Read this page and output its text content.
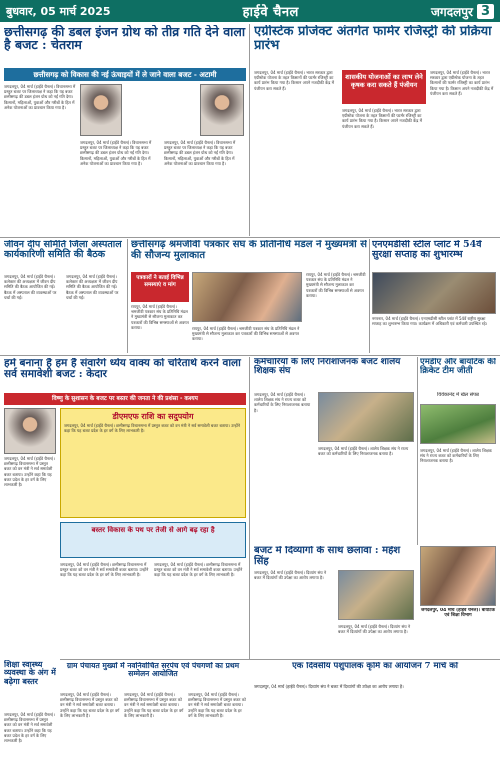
बुधवार, 05 मार्च 2025	हाईवे चैनल	जगदलपुर 3
छत्तीसगढ़ की डबल इंजन ग्रोथ को तीव्र गति देने वाला है बजट : चेतराम
छत्तीसगढ़ को विकास की नई ऊंचाइयों में ले जाने वाला बजट - अटामी
जगदलपुर, 04 मार्च (हाईवे चैनल)। विधानसभा में प्रस्तुत बजट पर जिलाध्यक्ष ने कहा कि यह बजट छत्तीसगढ़ की डबल इंजन ग्रोथ को नई गति देगा। किसानों, महिलाओं, युवाओं और गरीबों के हित में अनेक योजनाओं का प्रावधान किया गया है।
जगदलपुर, 04 मार्च (हाईवे चैनल)। विधानसभा में प्रस्तुत बजट पर जिलाध्यक्ष ने कहा कि यह बजट छत्तीसगढ़ की डबल इंजन ग्रोथ को नई गति देगा। किसानों, महिलाओं, युवाओं और गरीबों के हित में अनेक योजनाओं का प्रावधान किया गया है।
जगदलपुर, 04 मार्च (हाईवे चैनल)। विधानसभा में प्रस्तुत बजट पर जिलाध्यक्ष ने कहा कि यह बजट छत्तीसगढ़ की डबल इंजन ग्रोथ को नई गति देगा। किसानों, महिलाओं, युवाओं और गरीबों के हित में अनेक योजनाओं का प्रावधान किया गया है।
एग्रीस्टेक प्रोजेक्ट अंतर्गत फार्मर रजिस्ट्री की प्रक्रिया प्रारंभ
जगदलपुर, 04 मार्च (हाईवे चैनल)। भारत सरकार द्वारा एग्रीस्टेक योजना के तहत किसानों की फार्मर रजिस्ट्री का कार्य प्रारंभ किया गया है। किसान अपने नजदीकी केंद्र में पंजीयन करा सकते हैं।
शासकीय योजनाओं का लाभ लेने कृषक करा सकते हैं पंजीयन
जगदलपुर, 04 मार्च (हाईवे चैनल)। भारत सरकार द्वारा एग्रीस्टेक योजना के तहत किसानों की फार्मर रजिस्ट्री का कार्य प्रारंभ किया गया है। किसान अपने नजदीकी केंद्र में पंजीयन करा सकते हैं।
जगदलपुर, 04 मार्च (हाईवे चैनल)। भारत सरकार द्वारा एग्रीस्टेक योजना के तहत किसानों की फार्मर रजिस्ट्री का कार्य प्रारंभ किया गया है। किसान अपने नजदीकी केंद्र में पंजीयन करा सकते हैं।
जीवन दीप समिति जिला अस्पताल कार्यकारिणी समिति की बैठक
जगदलपुर, 04 मार्च (हाईवे चैनल)। कलेक्टर की अध्यक्षता में जीवन दीप समिति की बैठक आयोजित की गई। बैठक में अस्पताल की व्यवस्थाओं पर चर्चा की गई।
जगदलपुर, 04 मार्च (हाईवे चैनल)। कलेक्टर की अध्यक्षता में जीवन दीप समिति की बैठक आयोजित की गई। बैठक में अस्पताल की व्यवस्थाओं पर चर्चा की गई।
छत्तीसगढ़ श्रमजीवी पत्रकार संघ के प्रतिनिधि मंडल ने मुख्यमंत्री से की सौजन्य मुलाकात
पत्रकारों ने बताई विभिन्न समस्याएं व मांग
रायपुर, 04 मार्च (हाईवे चैनल)। श्रमजीवी पत्रकार संघ के प्रतिनिधि मंडल ने मुख्यमंत्री से सौजन्य मुलाकात कर पत्रकारों की विभिन्न समस्याओं से अवगत कराया।	रायपुर, 04 मार्च (हाईवे चैनल)। श्रमजीवी पत्रकार संघ के प्रतिनिधि मंडल ने मुख्यमंत्री से सौजन्य मुलाकात कर पत्रकारों की विभिन्न समस्याओं से अवगत कराया।
रायपुर, 04 मार्च (हाईवे चैनल)। श्रमजीवी पत्रकार संघ के प्रतिनिधि मंडल ने मुख्यमंत्री से सौजन्य मुलाकात कर पत्रकारों की विभिन्न समस्याओं से अवगत कराया।
एनएमडीसी स्टील प्लांट में 54वें सुरक्षा सप्ताह का शुभारम्भ
नगरनार, 04 मार्च (हाईवे चैनल)। एनएमडीसी स्टील प्लांट में 54वें राष्ट्रीय सुरक्षा सप्ताह का शुभारम्भ किया गया। कार्यक्रम में अधिकारी एवं कर्मचारी उपस्थित रहे।
हमें बनाना है हम हैं संवारेंगे ध्येय वाक्य को चरितार्थ करने वाला सर्व समावेशी बजट : केदार
विष्णु के सुशासन के बजट पर बस्तर की जनता ने की प्रशंसा - कश्यप
जगदलपुर, 04 मार्च (हाईवे चैनल)। छत्तीसगढ़ विधानसभा में प्रस्तुत बजट को वन मंत्री ने सर्व समावेशी बजट बताया। उन्होंने कहा कि यह बजट प्रदेश के हर वर्ग के लिए लाभकारी है।
डीएमएफ राशि का सदुपयोग
जगदलपुर, 04 मार्च (हाईवे चैनल)। छत्तीसगढ़ विधानसभा में प्रस्तुत बजट को वन मंत्री ने सर्व समावेशी बजट बताया। उन्होंने कहा कि यह बजट प्रदेश के हर वर्ग के लिए लाभकारी है।
बस्तर विकास के पथ पर तेजी से आगे बढ़ रहा है
जगदलपुर, 04 मार्च (हाईवे चैनल)। छत्तीसगढ़ विधानसभा में प्रस्तुत बजट को वन मंत्री ने सर्व समावेशी बजट बताया। उन्होंने कहा कि यह बजट प्रदेश के हर वर्ग के लिए लाभकारी है।
जगदलपुर, 04 मार्च (हाईवे चैनल)। छत्तीसगढ़ विधानसभा में प्रस्तुत बजट को वन मंत्री ने सर्व समावेशी बजट बताया। उन्होंने कहा कि यह बजट प्रदेश के हर वर्ग के लिए लाभकारी है।
शिक्षा स्वास्थ्य व्यवस्था के अंग में बढ़ेगा बस्तर
जगदलपुर, 04 मार्च (हाईवे चैनल)। छत्तीसगढ़ विधानसभा में प्रस्तुत बजट को वन मंत्री ने सर्व समावेशी बजट बताया। उन्होंने कहा कि यह बजट प्रदेश के हर वर्ग के लिए लाभकारी है।
कर्मचारियों के लिए निराशाजनक बजट शालेय शिक्षक संघ
जगदलपुर, 04 मार्च (हाईवे चैनल)। शालेय शिक्षक संघ ने राज्य बजट को कर्मचारियों के लिए निराशाजनक बताया है।
जगदलपुर, 04 मार्च (हाईवे चैनल)। शालेय शिक्षक संघ ने राज्य बजट को कर्मचारियों के लिए निराशाजनक बताया है।
एमडीए और बायोटेक की क्रिकेट टीम जीती
विवेकानंद में खेल संपन्न
जगदलपुर, 04 मार्च (हाईवे चैनल)। शालेय शिक्षक संघ ने राज्य बजट को कर्मचारियों के लिए निराशाजनक बताया है।
बजट में दिव्यांगों के साथ छलावा : महेश सिंह
जगदलपुर, 04 मार्च (हाईवे चैनल)। दिव्यांग संघ ने बजट में दिव्यांगों की उपेक्षा का आरोप लगाया है।
जगदलपुर, 04 मार्च (हाईवे चैनल)। दिव्यांग संघ ने बजट में दिव्यांगों की उपेक्षा का आरोप लगाया है।
जगदलपुर, 04 मार्च (हाईवे चैनल)। बायोटेक एवं शिक्षा विभाग
ग्राम पंचायत मुख्यों में नवनिर्वाचित सरपंच एवं पंचगणों का प्रथम सम्मेलन आयोजित
जगदलपुर, 04 मार्च (हाईवे चैनल)। छत्तीसगढ़ विधानसभा में प्रस्तुत बजट को वन मंत्री ने सर्व समावेशी बजट बताया। उन्होंने कहा कि यह बजट प्रदेश के हर वर्ग के लिए लाभकारी है।
जगदलपुर, 04 मार्च (हाईवे चैनल)। छत्तीसगढ़ विधानसभा में प्रस्तुत बजट को वन मंत्री ने सर्व समावेशी बजट बताया। उन्होंने कहा कि यह बजट प्रदेश के हर वर्ग के लिए लाभकारी है।
जगदलपुर, 04 मार्च (हाईवे चैनल)। छत्तीसगढ़ विधानसभा में प्रस्तुत बजट को वन मंत्री ने सर्व समावेशी बजट बताया। उन्होंने कहा कि यह बजट प्रदेश के हर वर्ग के लिए लाभकारी है।
एक दिवसीय पशुपालक कृमि का आयोजन 7 मार्च को
जगदलपुर, 04 मार्च (हाईवे चैनल)। दिव्यांग संघ ने बजट में दिव्यांगों की उपेक्षा का आरोप लगाया है।
